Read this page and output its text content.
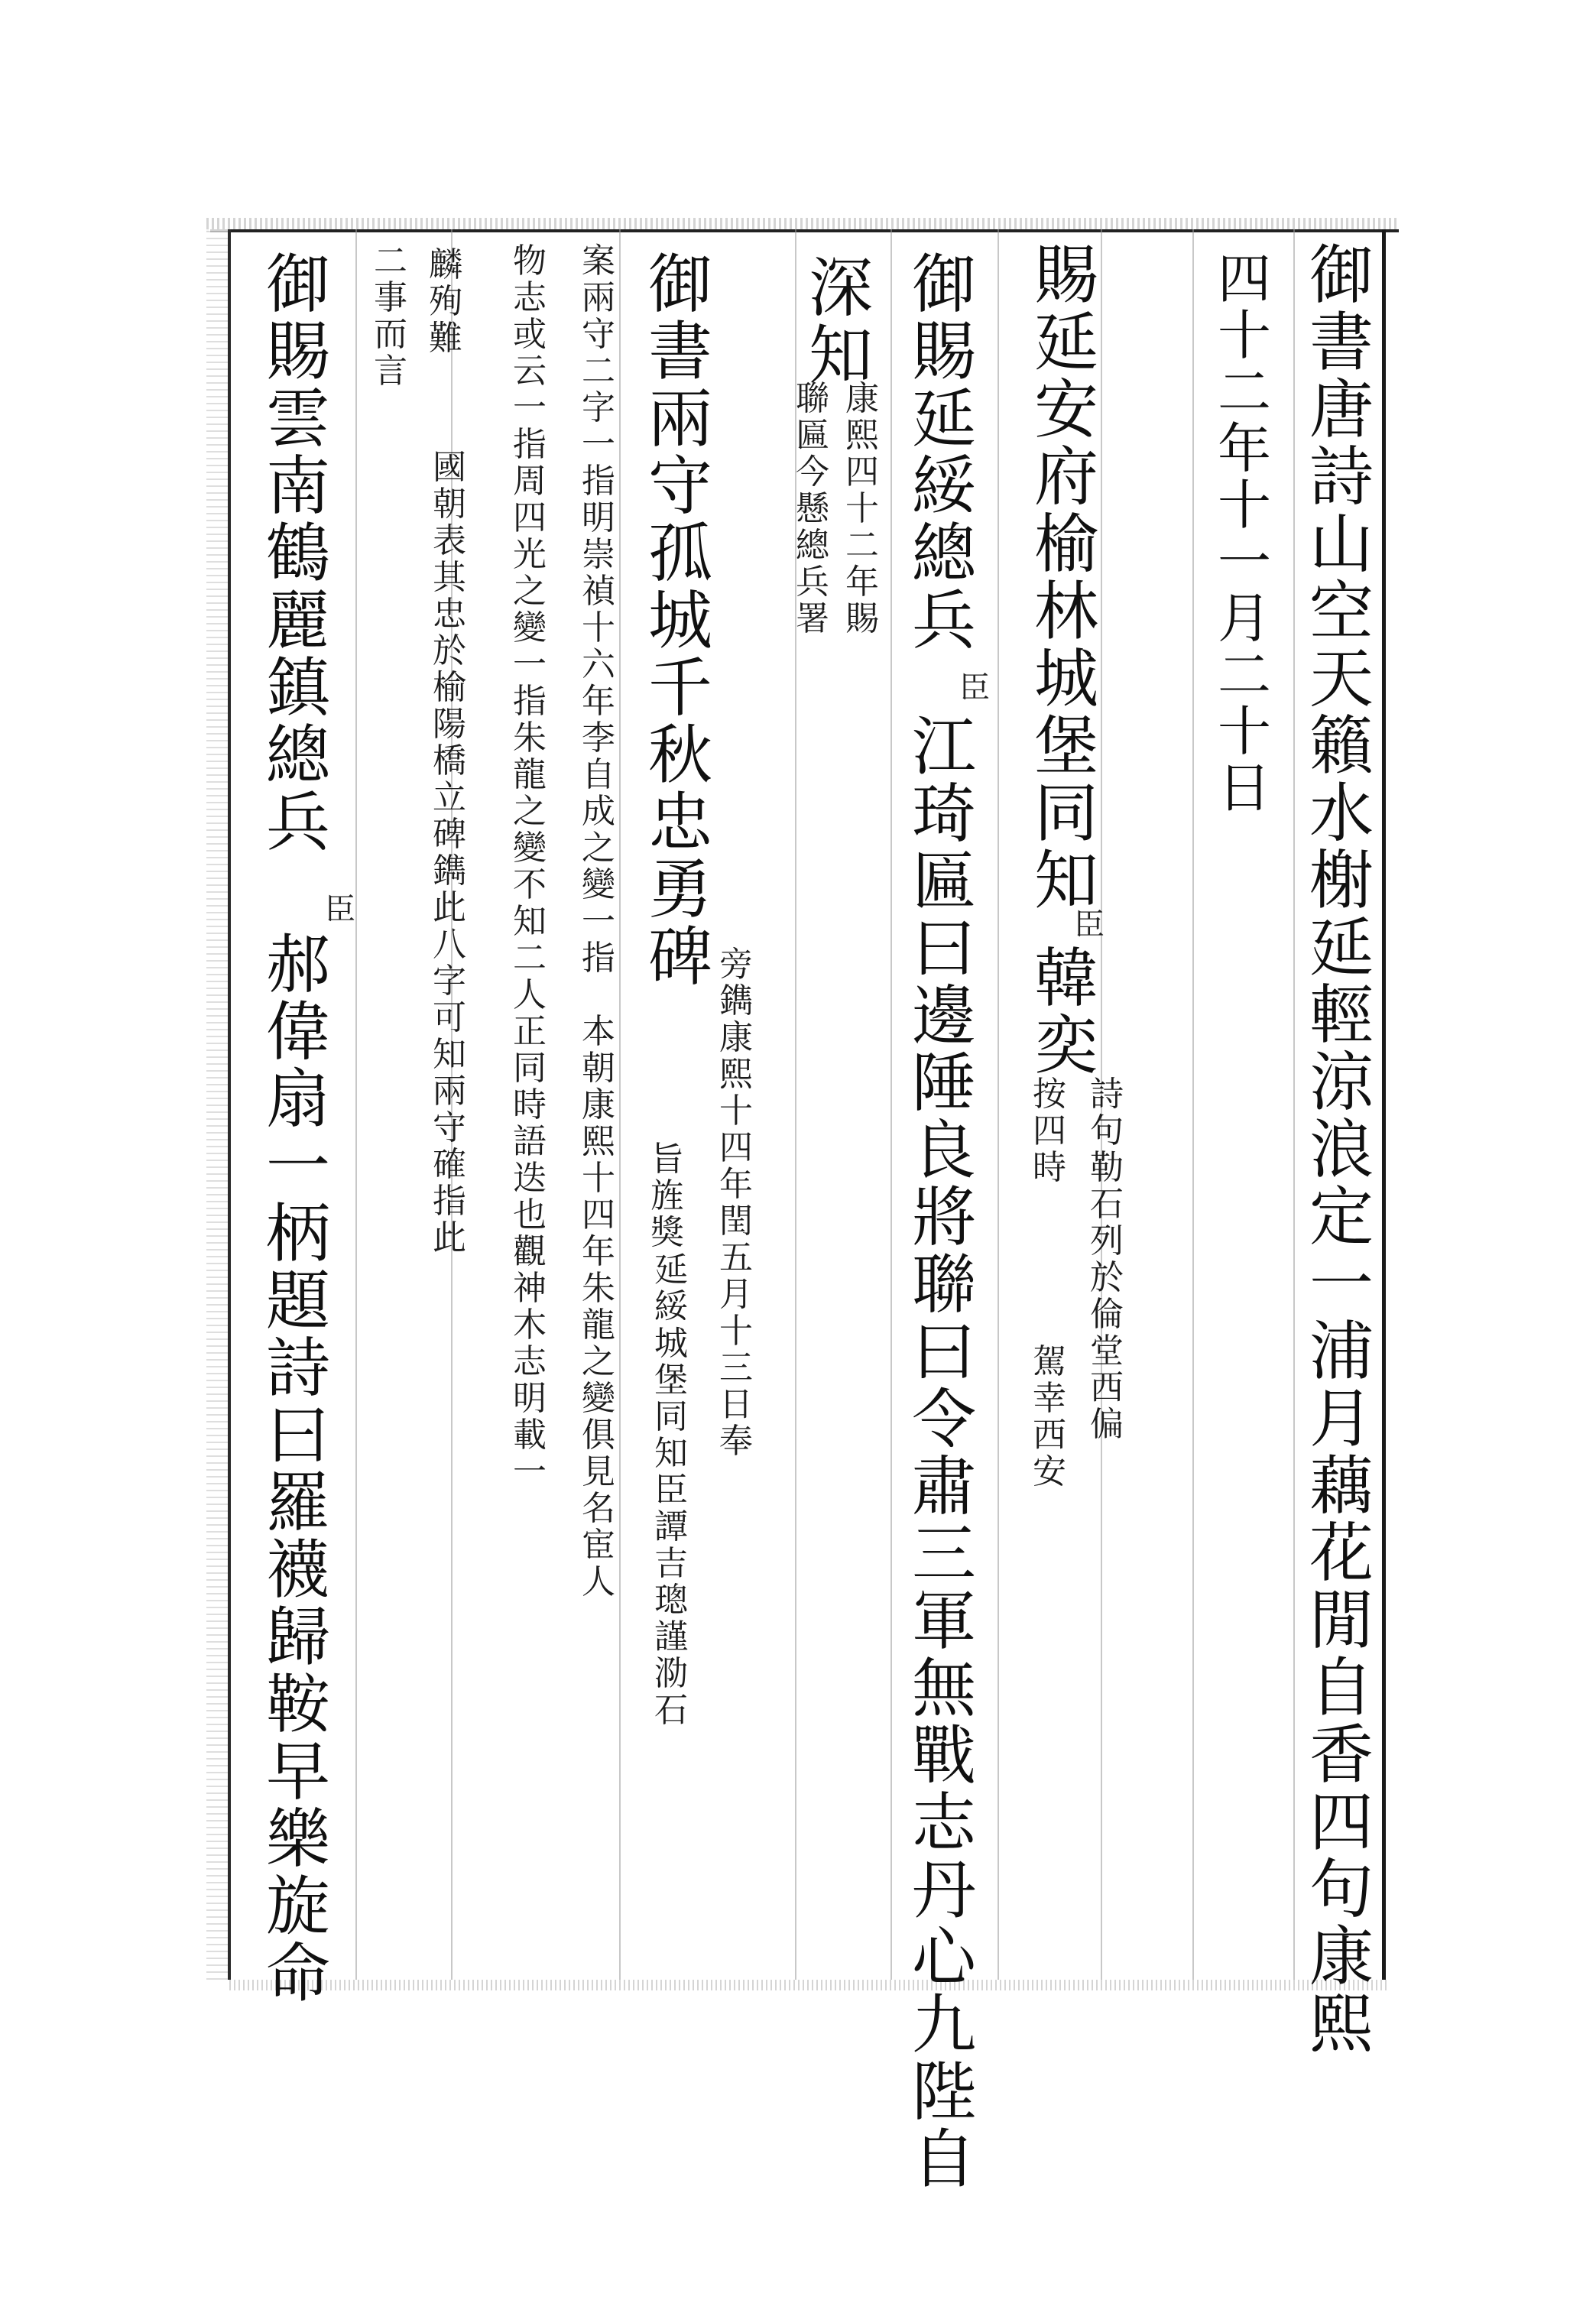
御
書
唐
詩
山
空
天
籟
水
榭
延
輕
涼
浪
定
一
浦
月
藕
花
閒
自
香
四
句
康
熙
四
十
二
年
十
一
月
二
十
日
賜
延
安
府
榆
林
城
堡
同
知
臣
韓
奕
詩
句
勒
石
列
於
倫
堂
西
偏
按
四
時
駕
幸
西
安
御
賜
延
綏
總
兵
臣
江
琦
匾
曰
邊
陲
良
將
聯
曰
令
肅
三
軍
無
戰
志
丹
心
九
陛
自
深
知
康
熙
四
十
二
年
賜
聯
匾
今
懸
總
兵
署
御
書
兩
守
孤
城
千
秋
忠
勇
碑 旁
鐫
康
熙
十
四
年
閏
五
月
十
三
日
奉
旨
旌
獎
延
綏
城
堡
同
知
臣
譚
吉
璁
謹
泐
石
案
兩
守
二
字
一
指
明
崇
禎
十
六
年
李
自
成
之
變
一
指

本
朝
康
熙
十
四
年
朱
龍
之
變
俱
見
名
宦
人
物
志
或
云
一
指
周
四
光
之
變
一
指
朱
龍
之
變
不
知
二
人
正
同
時
語
迭
也
觀
神
木
志
明
載
一
麟
殉
難
國
朝
表
其
忠
於
榆
陽
橋
立
碑
鐫
此
八
字
可
知
兩
守
確
指
此
二
事
而
言
御
賜
雲
南
鶴
麗
鎮
總
兵
臣
郝
偉
扇
一
柄
題
詩
曰
羅
襪
歸
鞍
早
樂
旋
命
